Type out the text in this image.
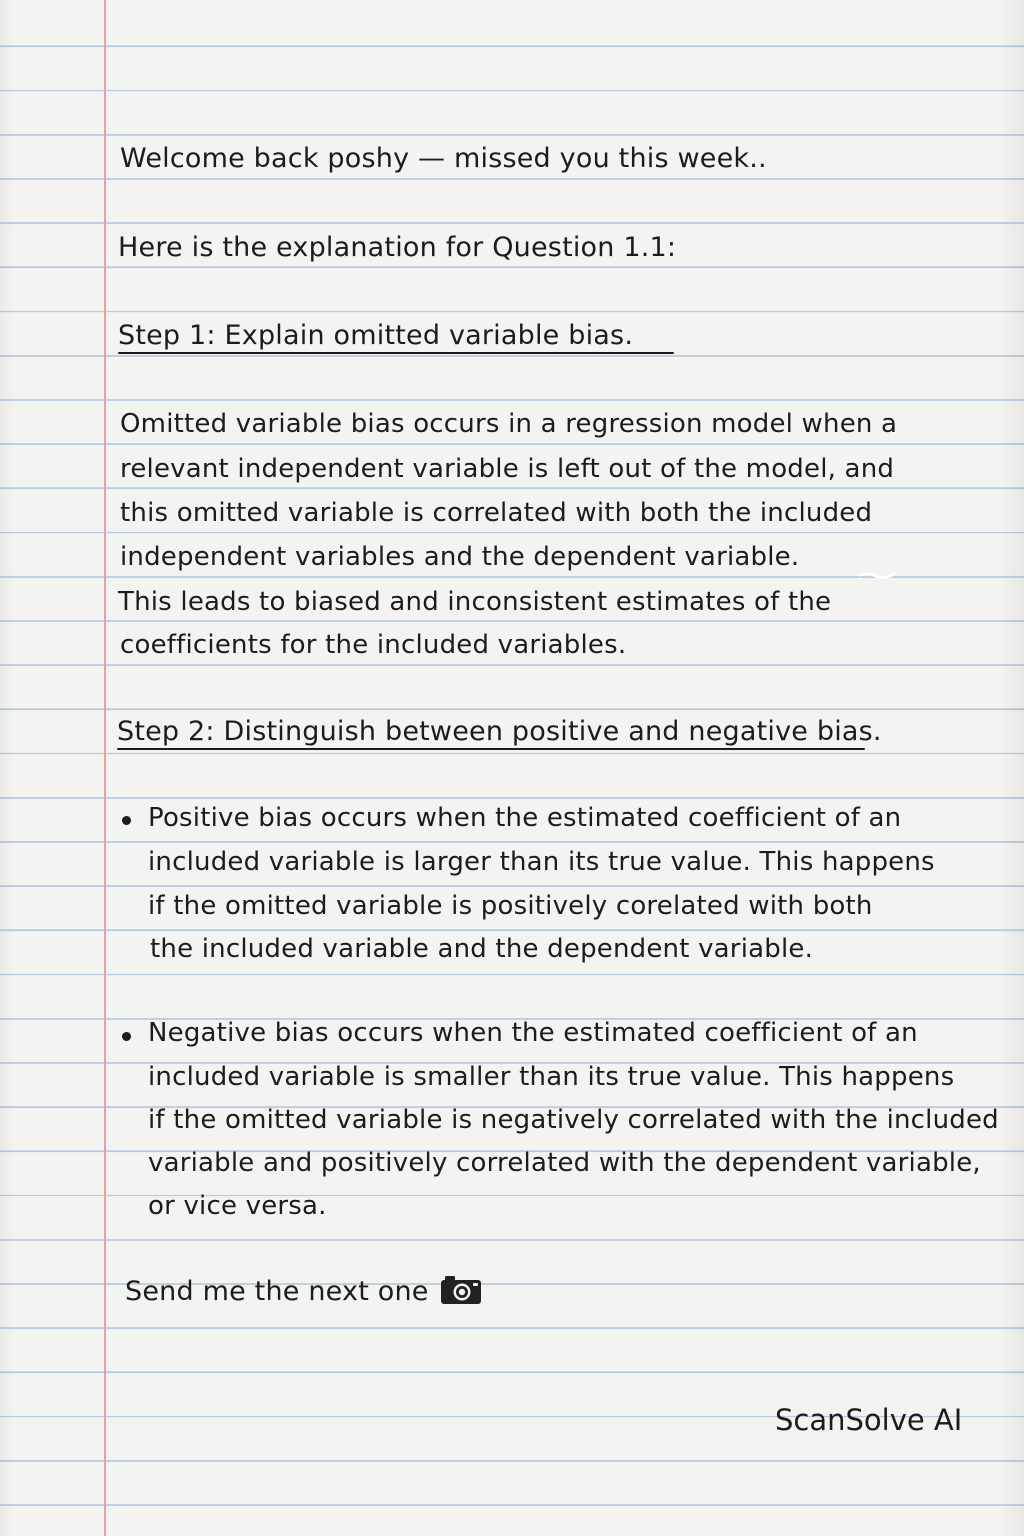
Welcome back poshy — missed you this week..
Here is the explanation for Question 1.1:
Step 1: Explain omitted variable bias.
Omitted variable bias occurs in a regression model when a
relevant independent variable is left out of the model, and
this omitted variable is correlated with both the included
independent variables and the dependent variable.
This leads to biased and inconsistent estimates of the
coefficients for the included variables.
Step 2: Distinguish between positive and negative bias.
Positive bias occurs when the estimated coefficient of an
included variable is larger than its true value. This happens
if the omitted variable is positively corelated with both
the included variable and the dependent variable.
Negative bias occurs when the estimated coefficient of an
included variable is smaller than its true value. This happens
if the omitted variable is negatively correlated with the included
variable and positively correlated with the dependent variable,
or vice versa.
Send me the next one
ScanSolve AI
